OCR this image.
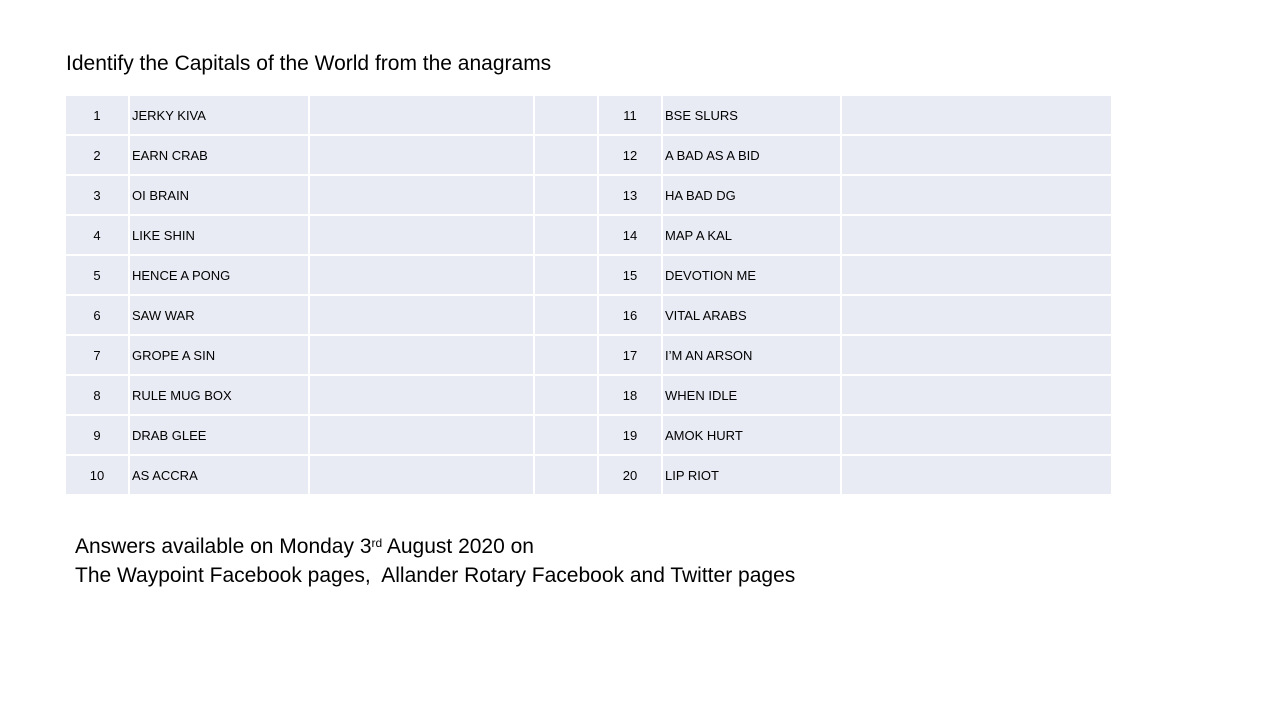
Identify the Capitals of the World from the anagrams
1	JERKY KIVA			11	BSE SLURS	
2	EARN CRAB			12	A BAD AS A BID	
3	OI BRAIN			13	HA BAD DG	
4	LIKE SHIN			14	MAP A KAL	
5	HENCE A PONG			15	DEVOTION ME	
6	SAW WAR			16	VITAL ARABS	
7	GROPE A SIN			17	I’M AN ARSON	
8	RULE MUG BOX			18	WHEN IDLE	
9	DRAB GLEE			19	AMOK HURT	
10	AS ACCRA			20	LIP RIOT	
Answers available on Monday 3rd August 2020 on
The Waypoint Facebook pages,  Allander Rotary Facebook and Twitter pages
